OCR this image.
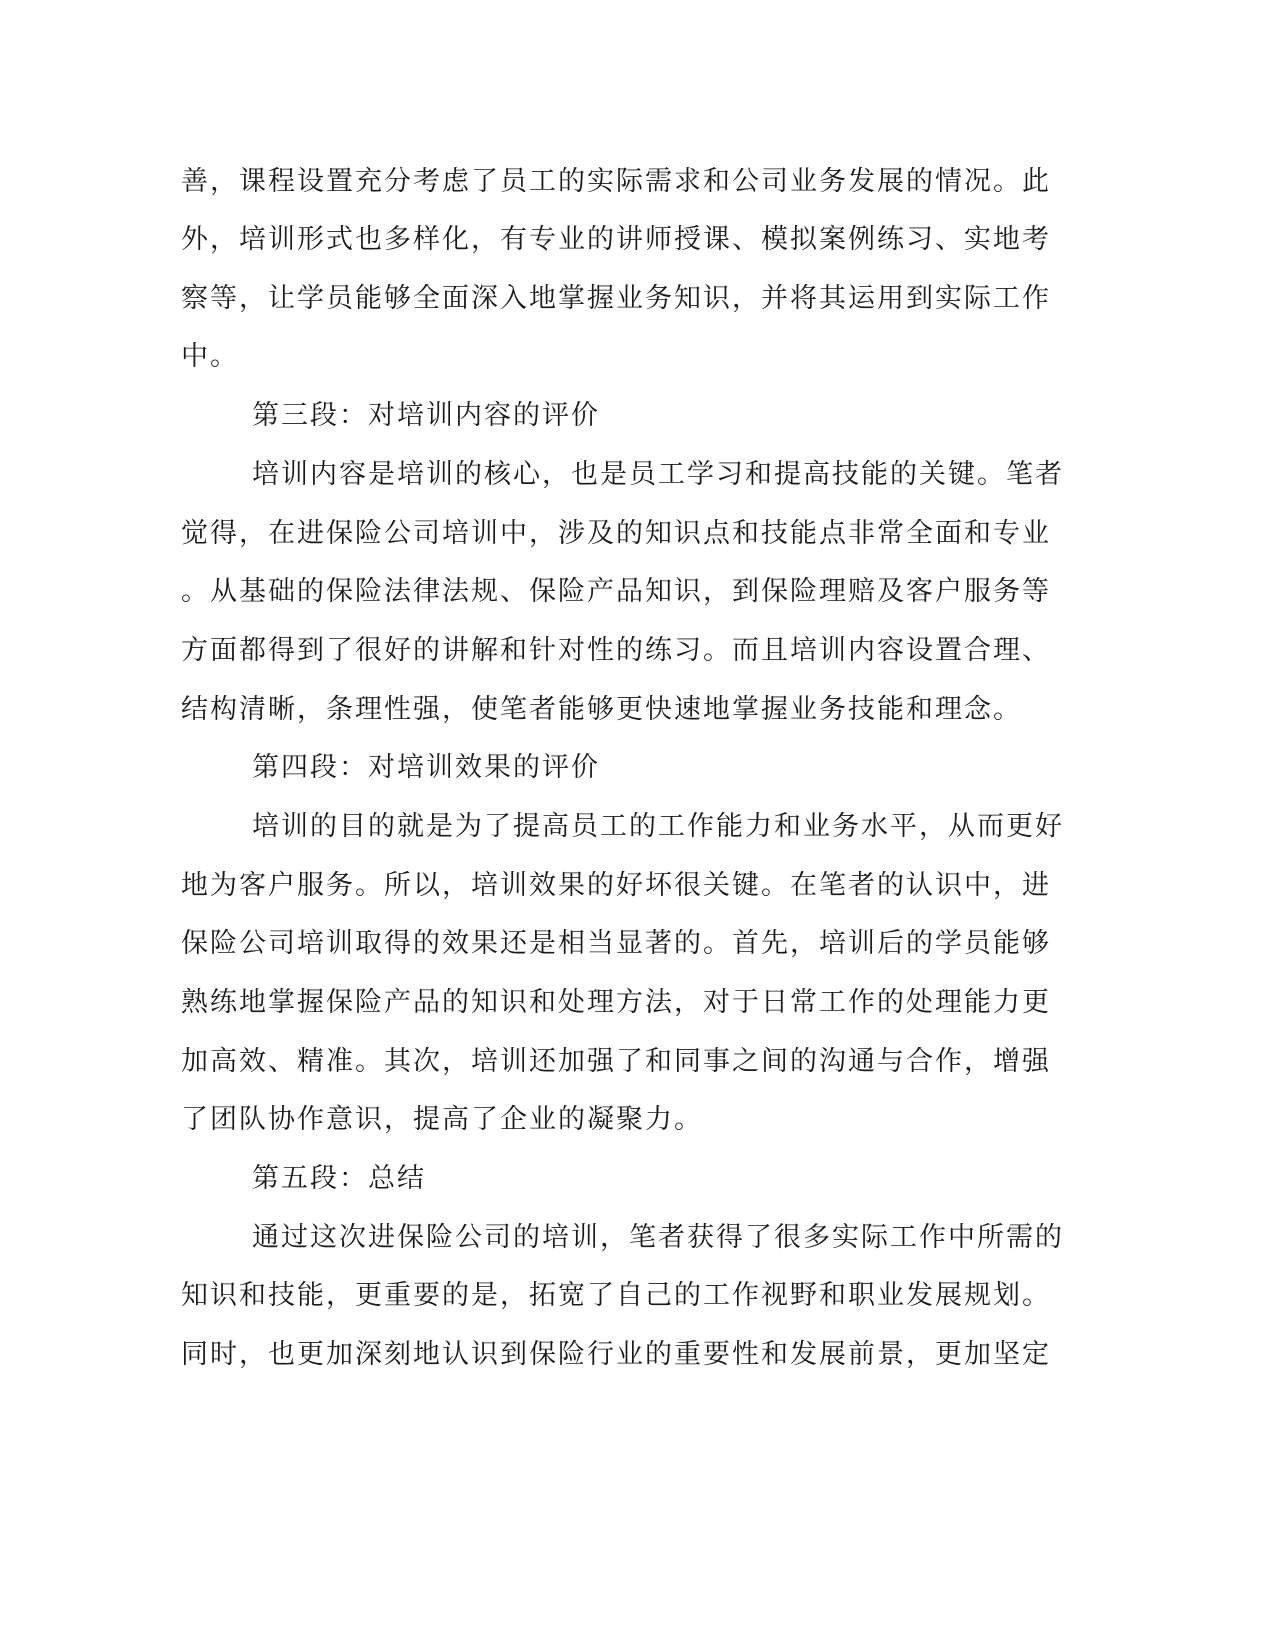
善，课程设置充分考虑了员工的实际需求和公司业务发展的情况。此
外，培训形式也多样化，有专业的讲师授课、模拟案例练习、实地考
察等，让学员能够全面深入地掌握业务知识，并将其运用到实际工作
中。
第三段：对培训内容的评价
培训内容是培训的核心，也是员工学习和提高技能的关键。笔者
觉得，在进保险公司培训中，涉及的知识点和技能点非常全面和专业
。从基础的保险法律法规、保险产品知识，到保险理赔及客户服务等
方面都得到了很好的讲解和针对性的练习。而且培训内容设置合理、
结构清晰，条理性强，使笔者能够更快速地掌握业务技能和理念。
第四段：对培训效果的评价
培训的目的就是为了提高员工的工作能力和业务水平，从而更好
地为客户服务。所以，培训效果的好坏很关键。在笔者的认识中，进
保险公司培训取得的效果还是相当显著的。首先，培训后的学员能够
熟练地掌握保险产品的知识和处理方法，对于日常工作的处理能力更
加高效、精准。其次，培训还加强了和同事之间的沟通与合作，增强
了团队协作意识，提高了企业的凝聚力。
第五段：总结
通过这次进保险公司的培训，笔者获得了很多实际工作中所需的
知识和技能，更重要的是，拓宽了自己的工作视野和职业发展规划。
同时，也更加深刻地认识到保险行业的重要性和发展前景，更加坚定
